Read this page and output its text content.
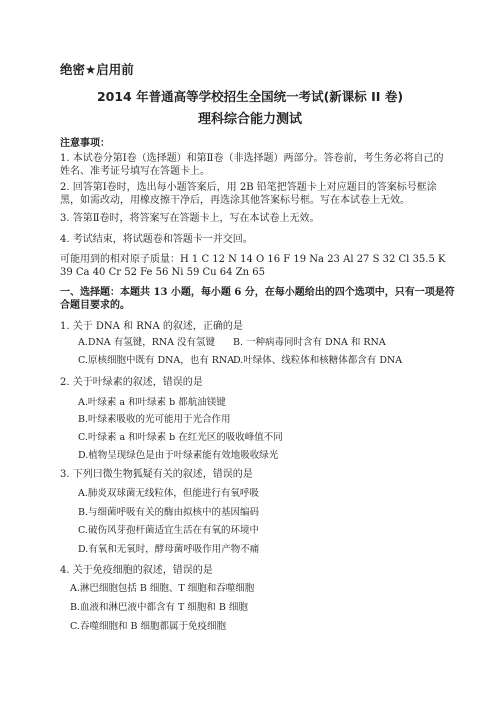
绝密★启用前
2014 年普通高等学校招生全国统一考试(新课标 II 卷)
理科综合能力测试
注意事项：
1. 本试卷分第Ⅰ卷（选择题）和第Ⅱ卷（非选择题）两部分。答卷前，考生务必将自己的姓名、准考证号填写在答题卡上。
2. 回答第Ⅰ卷时，选出每小题答案后，用 2B 铅笔把答题卡上对应题目的答案标号框涂黑，如需改动，用橡皮擦干净后，再选涂其他答案标号框。写在本试卷上无效。
3. 答第Ⅱ卷时，将答案写在答题卡上，写在本试卷上无效。
4. 考试结束，将试题卷和答题卡一并交回。
可能用到的相对原子质量：H 1 C 12 N 14 O 16 F 19 Na 23 Al 27 S 32 Cl 35.5 K 39 Ca 40 Cr 52 Fe 56 Ni 59 Cu 64 Zn 65
一、选择题：本题共 13 小题，每小题 6 分，在每小题给出的四个选项中，只有一项是符合题目要求的。
1. 关于 DNA 和 RNA 的叙述，正确的是
A.DNA 有氢键，RNA 没有氢键 B. 一种病毒同时含有 DNA 和 RNA
C.原核细胞中既有 DNA，也有 RNA
D.叶绿体、线粒体和核糖体都含有 DNA
2. 关于叶绿素的叙述，错误的是
A.叶绿素 a 和叶绿素 b 都航油镁键
B.叶绿素吸收的光可能用于光合作用
C.叶绿素 a 和叶绿素 b 在红光区的吸收峰值不同
D.植物呈现绿色是由于叶绿素能有效地吸收绿光
3. 下列曰微生物狐疑有关的叙述，错误的是
A.肺炎双球菌无线粒体，但能进行有氧呼吸
B.与细菌呼吸有关的酶由拟核中的基因编码
C.破伤风芽孢杆菌适宜生活在有氧的环境中
D.有氧和无氧时，酵母菌呼吸作用产物不痛
4. 关于免疫细胞的叙述，错误的是
A.淋巴细胞包括 B 细胞、T 细胞和吞噬细胞
B.血液和淋巴液中都含有 T 细胞和 B 细胞
C.吞噬细胞和 B 细胞都属于免疫细胞
